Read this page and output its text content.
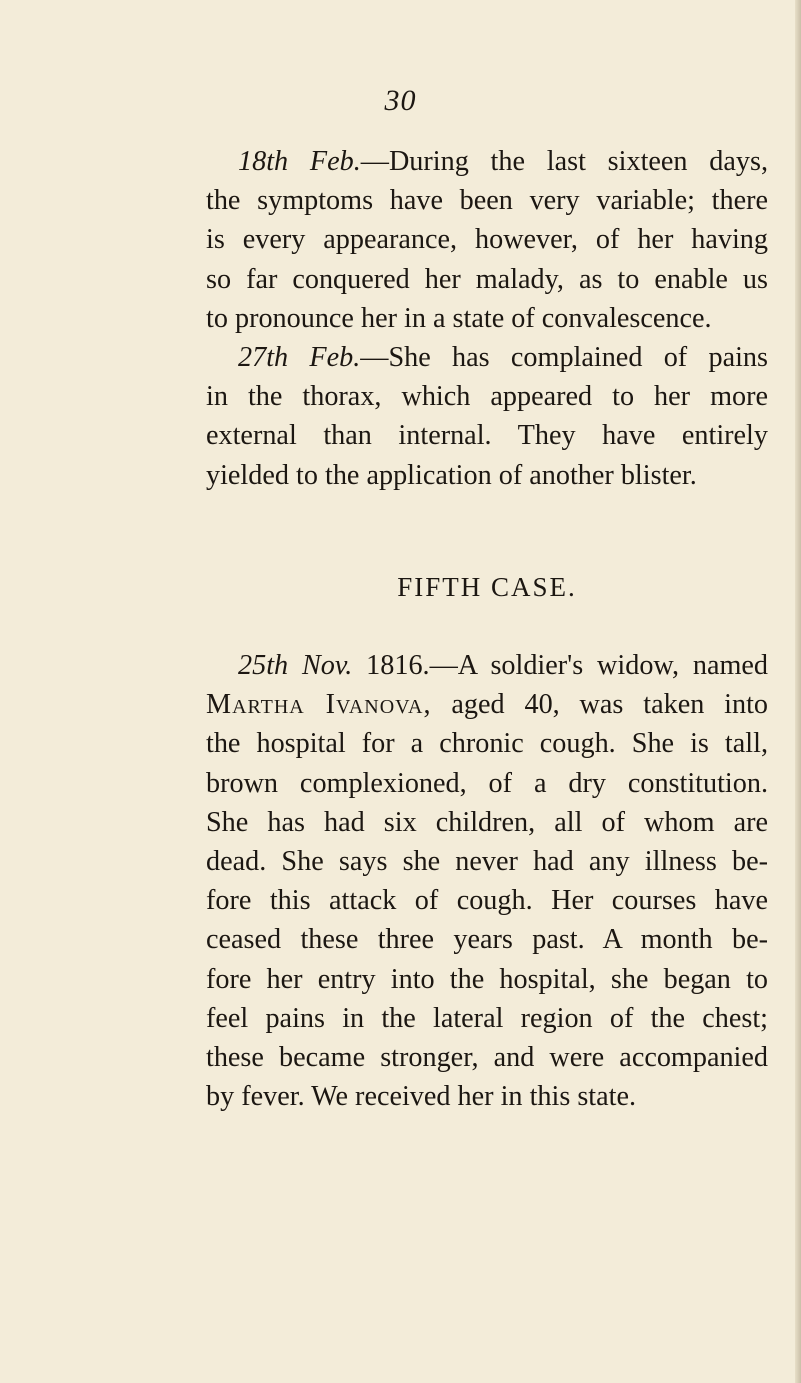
30

18th Feb.—During the last sixteen days,
the symptoms have been very variable; there
is every appearance, however, of her having
so far conquered her malady, as to enable us
to pronounce her in a state of convalescence.

27th Feb.—She has complained of pains
in the thorax, which appeared to her more
external than internal. They have entirely
yielded to the application of another blister.

FIFTH CASE.

25th Nov. 1816.—A soldier's widow, named
Martha Ivanova, aged 40, was taken into
the hospital for a chronic cough. She is tall,
brown complexioned, of a dry constitution.
She has had six children, all of whom are
dead. She says she never had any illness be-
fore this attack of cough. Her courses have
ceased these three years past. A month be-
fore her entry into the hospital, she began to
feel pains in the lateral region of the chest;
these became stronger, and were accompanied
by fever. We received her in this state.
